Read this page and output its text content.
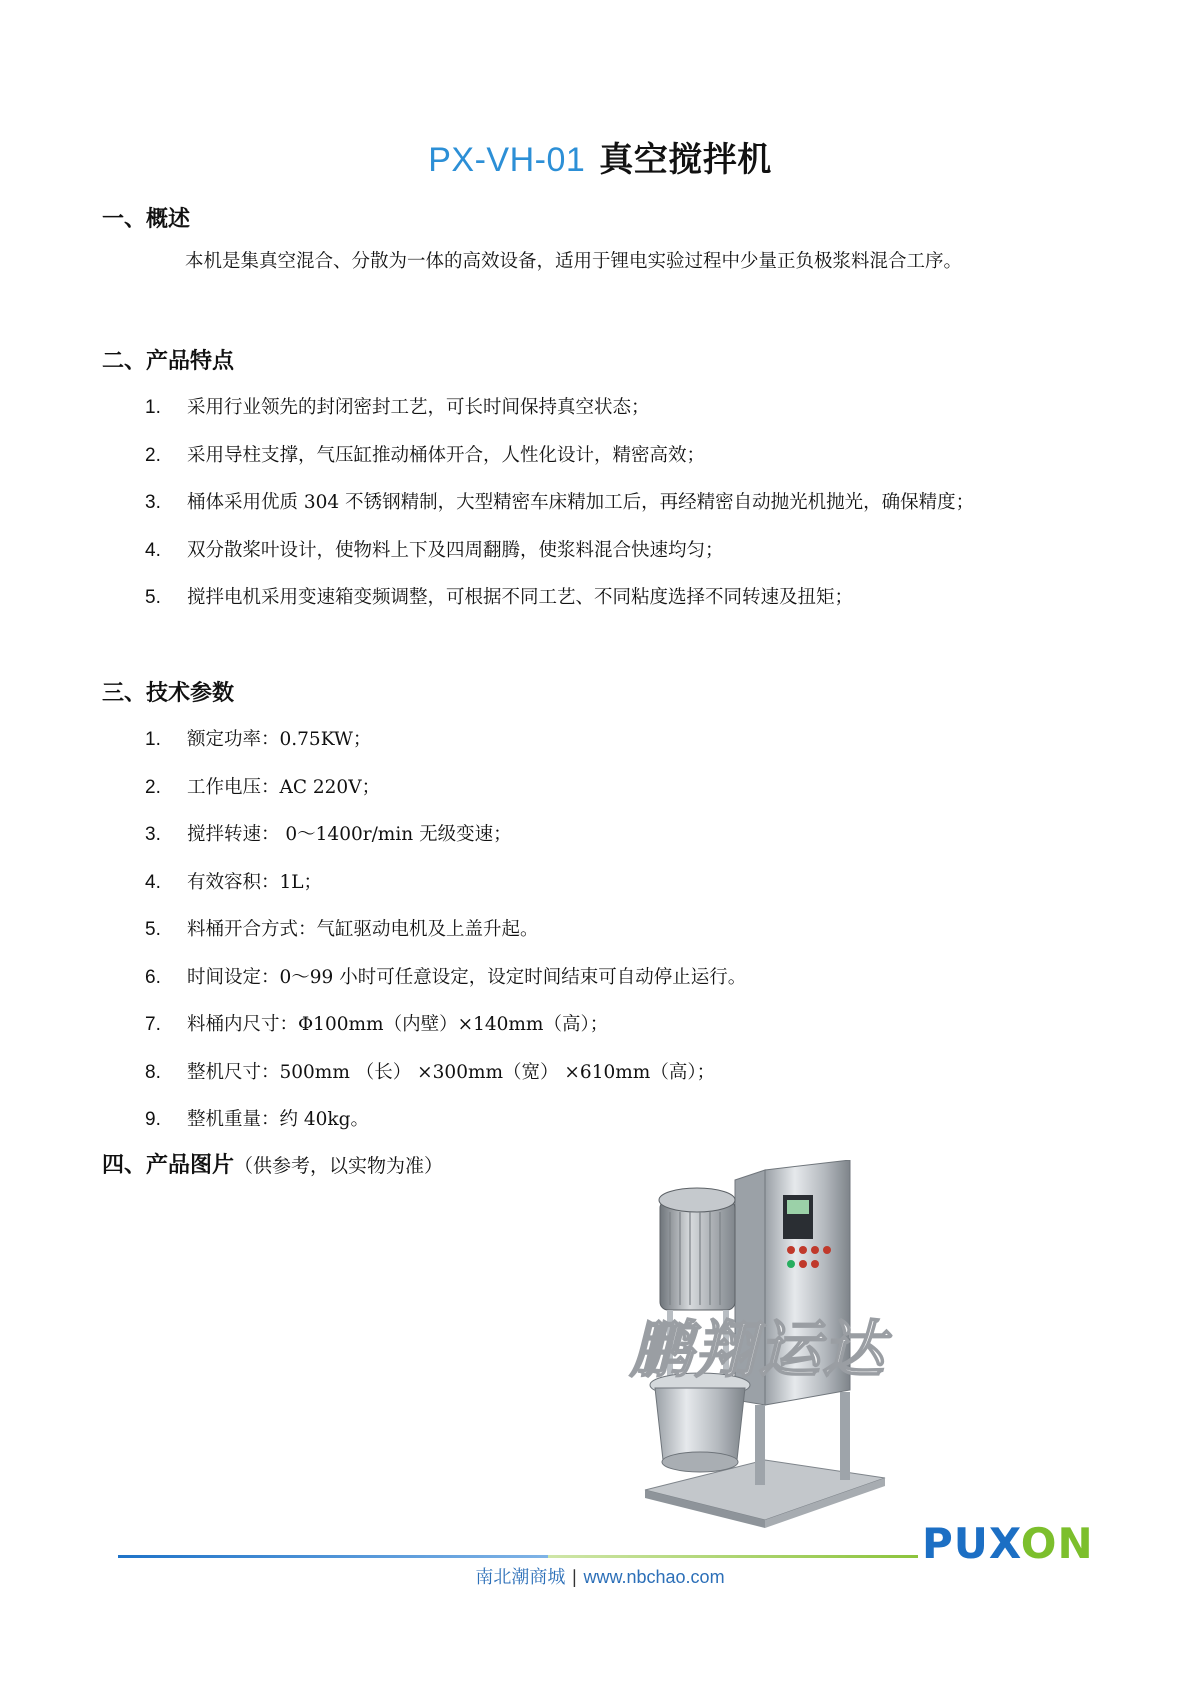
PX-VH-01 真空搅拌机
一、概述
本机是集真空混合、分散为一体的高效设备，适用于锂电实验过程中少量正负极浆料混合工序。
二、产品特点
1.	采用行业领先的封闭密封工艺，可长时间保持真空状态；
2.	采用导柱支撑，气压缸推动桶体开合，人性化设计，精密高效；
3.	桶体采用优质 304 不锈钢精制，大型精密车床精加工后，再经精密自动抛光机抛光，确保精度；
4.	双分散桨叶设计，使物料上下及四周翻腾，使浆料混合快速均匀；
5.	搅拌电机采用变速箱变频调整，可根据不同工艺、不同粘度选择不同转速及扭矩；
三、技术参数
1.	额定功率：0.75KW；
2.	工作电压：AC 220V；
3.	搅拌转速： 0～1400r/min 无级变速；
4.	有效容积：1L；
5.	料桶开合方式：气缸驱动电机及上盖升起。
6.	时间设定：0～99 小时可任意设定，设定时间结束可自动停止运行。
7.	料桶内尺寸：Φ100mm（内壁）×140mm（高）；
8.	整机尺寸：500mm （长） ×300mm（宽） ×610mm（高）；
9.	整机重量：约 40kg。
四、产品图片（供参考，以实物为准）
鹏翔运达
PUXON
南北潮商城 | www.nbchao.com
